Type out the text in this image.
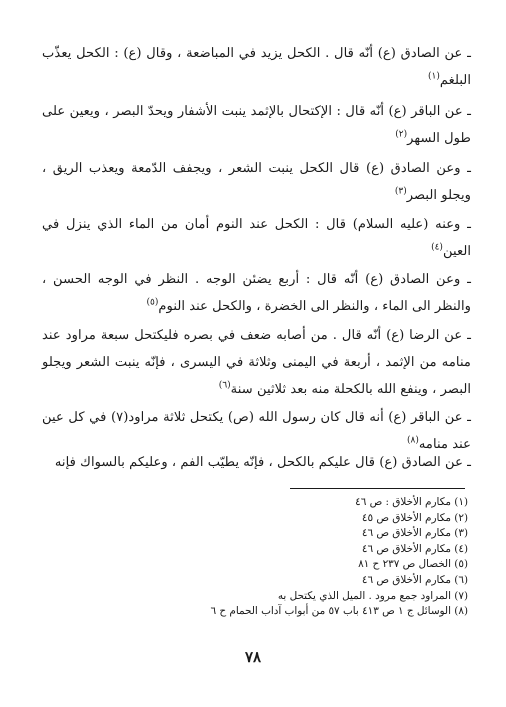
ـ عن الصادق (ع) أنّه قال . الكحل يزيد في المباضعة ، وقال (ع) : الكحل يعذّب البلغم$^{(١)}$

ـ عن الباقر (ع) أنّه قال : الإكتحال بالإثمد ينبت الأشفار ويحدّ البصر ، ويعين على طول السهر$^{(٢)}$

ـ وعن الصادق (ع) قال الكحل ينبت الشعر ، ويجفف الدّمعة ويعذب الريق ، ويجلو البصر$^{(٣)}$

ـ وعنه (عليه السلام) قال : الكحل عند النوم أمان من الماء الذي ينزل في العين$^{(٤)}$

ـ وعن الصادق (ع) أنّه قال : أربع يضئن الوجه . النظر في الوجه الحسن ، والنظر الى الماء ، والنظر الى الخضرة ، والكحل عند النوم$^{(٥)}$

ـ عن الرضا (ع) أنّه قال . من أصابه ضعف في بصره فليكتحل سبعة مراود عند منامه من الإثمد ، أربعة في اليمنى وثلاثة في اليسرى ، فإنّه ينبت الشعر ويجلو البصر ، وينفع الله بالكحلة منه بعد ثلاثين سنة$^{(٦)}$

ـ عن الباقر (ع) أنه قال كان رسول الله (ص) يكتحل ثلاثة مراود(٧) في كل عين عند منامه$^{(٨)}$

ـ عن الصادق (ع) قال عليكم بالكحل ، فإنّه يطيّب الفم ، وعليكم بالسواك فإنه

(١) مكارم الأخلاق : ص ٤٦
(٢) مكارم الأخلاق ص ٤٥
(٣) مكارم الأخلاق ص ٤٦
(٤) مكارم الأخلاق ص ٤٦
(٥) الخصال ص ٢٣٧ ح ٨١
(٦) مكارم الأخلاق ص ٤٦
(٧) المراود جمع مرود . الميل الذي يكتحل به
(٨) الوسائل ج ١ ص ٤١٣ باب ٥٧ من أبواب آداب الحمام ح ٦
٧٨
